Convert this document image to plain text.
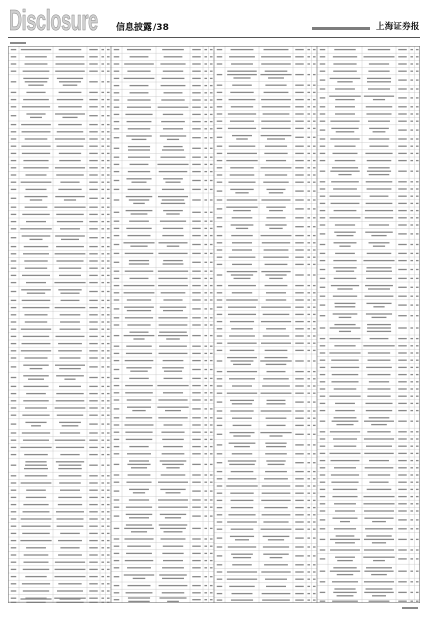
Disclosure 信息披露/38	上海证券报
